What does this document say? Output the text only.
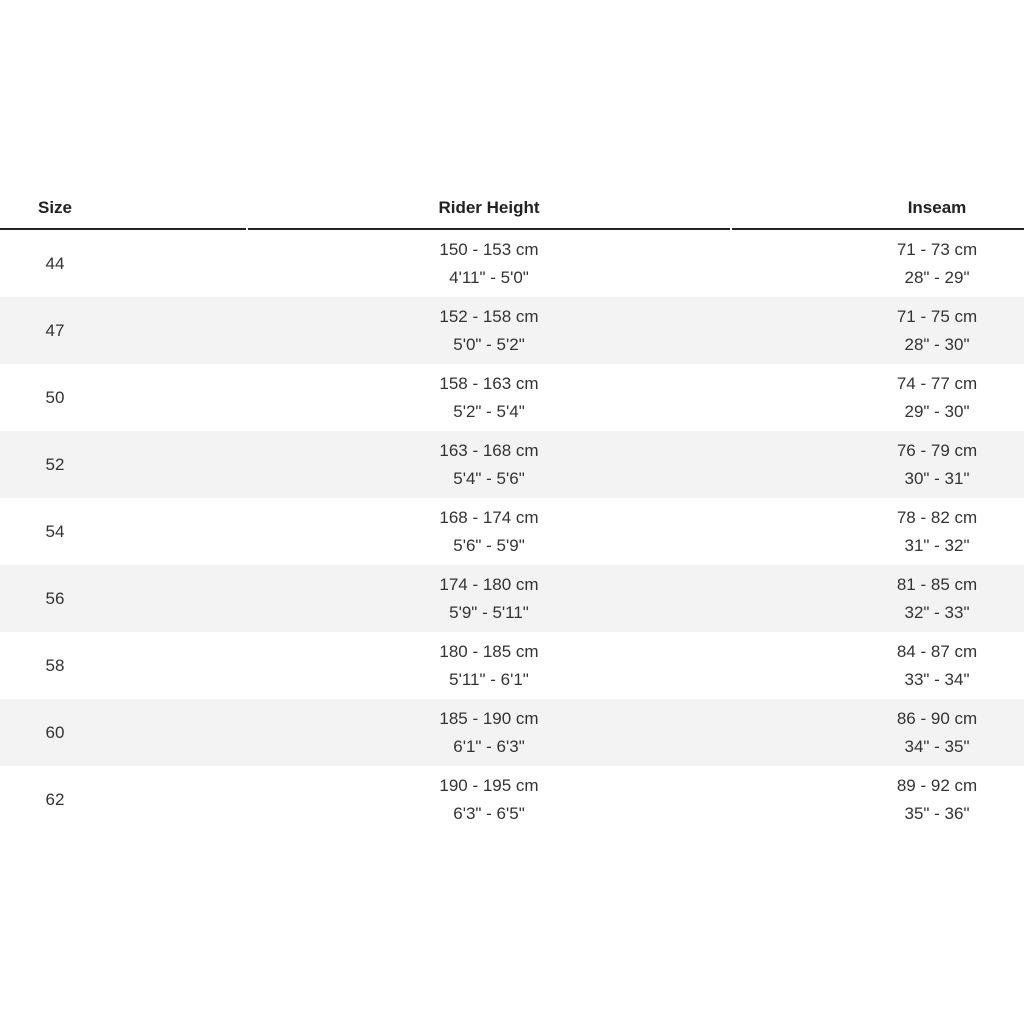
Size	Rider Height	Inseam
44
150 - 153 cm
4'11" - 5'0"
71 - 73 cm
28" - 29"
47
152 - 158 cm
5'0" - 5'2"
71 - 75 cm
28" - 30"
50
158 - 163 cm
5'2" - 5'4"
74 - 77 cm
29" - 30"
52
163 - 168 cm
5'4" - 5'6"
76 - 79 cm
30" - 31"
54
168 - 174 cm
5'6" - 5'9"
78 - 82 cm
31" - 32"
56
174 - 180 cm
5'9" - 5'11"
81 - 85 cm
32" - 33"
58
180 - 185 cm
5'11" - 6'1"
84 - 87 cm
33" - 34"
60
185 - 190 cm
6'1" - 6'3"
86 - 90 cm
34" - 35"
62
190 - 195 cm
6'3" - 6'5"
89 - 92 cm
35" - 36"
